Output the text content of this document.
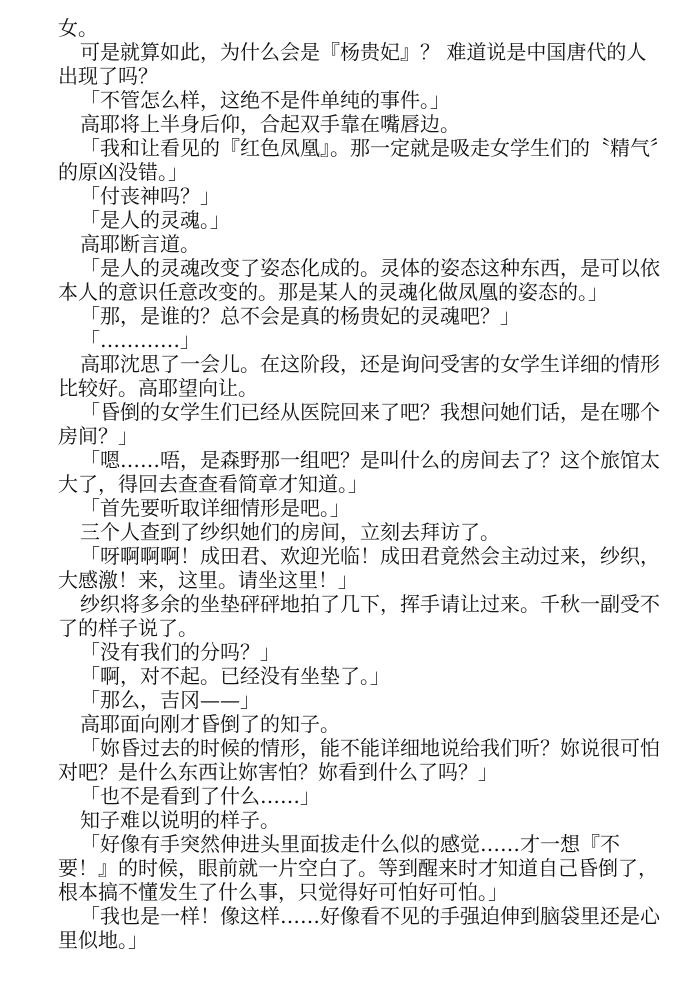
女。

可是就算如此，为什么会是『杨贵妃』？ 难道说是中国唐代的人出现了吗？

「不管怎么样，这绝不是件单纯的事件。」

高耶将上半身后仰，合起双手靠在嘴唇边。

「我和让看见的『红色凤凰』。那一定就是吸走女学生们的〝精气〞的原凶没错。」

「付丧神吗？」

「是人的灵魂。」

高耶断言道。

「是人的灵魂改变了姿态化成的。灵体的姿态这种东西，是可以依本人的意识任意改变的。那是某人的灵魂化做凤凰的姿态的。」

「那，是谁的？总不会是真的杨贵妃的灵魂吧？」

「…………」

高耶沈思了一会儿。在这阶段，还是询问受害的女学生详细的情形比较好。高耶望向让。

「昏倒的女学生们已经从医院回来了吧？我想问她们话，是在哪个房间？」

「嗯……唔，是森野那一组吧？是叫什么的房间去了？这个旅馆太大了，得回去查查看简章才知道。」

「首先要听取详细情形是吧。」

三个人查到了纱织她们的房间，立刻去拜访了。

「呀啊啊啊！成田君、欢迎光临！成田君竟然会主动过来，纱织，大感激！来，这里。请坐这里！」

纱织将多余的坐垫砰砰地拍了几下，挥手请让过来。千秋一副受不了的样子说了。

「没有我们的分吗？」

「啊，对不起。已经没有坐垫了。」

「那么，吉冈——」

高耶面向刚才昏倒了的知子。

「妳昏过去的时候的情形，能不能详细地说给我们听？妳说很可怕对吧？是什么东西让妳害怕？妳看到什么了吗？」

「也不是看到了什么……」

知子难以说明的样子。

「好像有手突然伸进头里面拔走什么似的感觉……才一想『不要！』的时候，眼前就一片空白了。等到醒来时才知道自己昏倒了，根本搞不懂发生了什么事，只觉得好可怕好可怕。」

「我也是一样！像这样……好像看不见的手强迫伸到脑袋里还是心里似地。」
